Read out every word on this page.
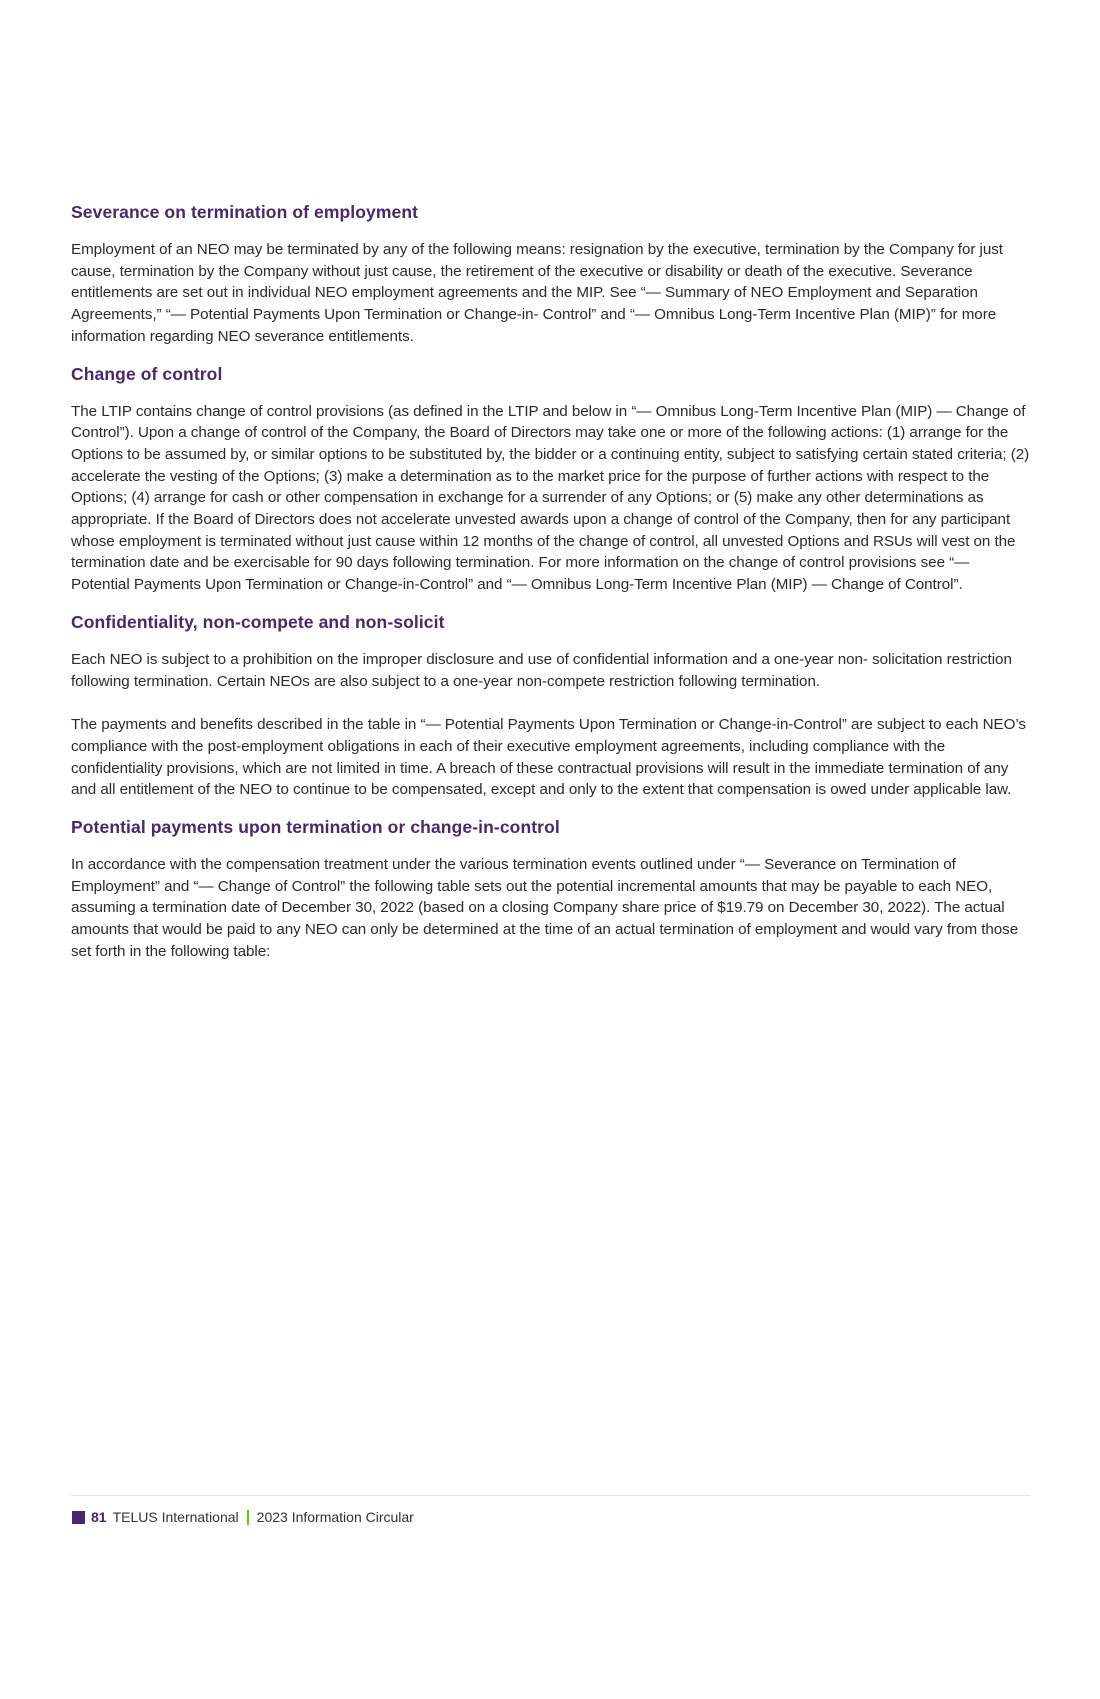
Severance on termination of employment

Employment of an NEO may be terminated by any of the following means: resignation by the executive, termination by the Company for just cause, termination by the Company without just cause, the retirement of the executive or disability or death of the executive. Severance entitlements are set out in individual NEO employment agreements and the MIP. See “— Summary of NEO Employment and Separation Agreements,” “— Potential Payments Upon Termination or Change-in- Control” and “— Omnibus Long-Term Incentive Plan (MIP)” for more information regarding NEO severance entitlements.

Change of control

The LTIP contains change of control provisions (as defined in the LTIP and below in “— Omnibus Long-Term Incentive Plan (MIP) — Change of Control”). Upon a change of control of the Company, the Board of Directors may take one or more of the following actions: (1) arrange for the Options to be assumed by, or similar options to be substituted by, the bidder or a continuing entity, subject to satisfying certain stated criteria; (2) accelerate the vesting of the Options; (3) make a determination as to the market price for the purpose of further actions with respect to the Options; (4) arrange for cash or other compensation in exchange for a surrender of any Options; or (5) make any other determinations as appropriate. If the Board of Directors does not accelerate unvested awards upon a change of control of the Company, then for any participant whose employment is terminated without just cause within 12 months of the change of control, all unvested Options and RSUs will vest on the termination date and be exercisable for 90 days following termination. For more information on the change of control provisions see “— Potential Payments Upon Termination or Change-in-Control” and “— Omnibus Long-Term Incentive Plan (MIP) — Change of Control”.

Confidentiality, non-compete and non-solicit

Each NEO is subject to a prohibition on the improper disclosure and use of confidential information and a one-year non- solicitation restriction following termination. Certain NEOs are also subject to a one-year non-compete restriction following termination.

The payments and benefits described in the table in “— Potential Payments Upon Termination or Change-in-Control” are subject to each NEO’s compliance with the post-employment obligations in each of their executive employment agreements, including compliance with the confidentiality provisions, which are not limited in time. A breach of these contractual provisions will result in the immediate termination of any and all entitlement of the NEO to continue to be compensated, except and only to the extent that compensation is owed under applicable law.

Potential payments upon termination or change-in-control

In accordance with the compensation treatment under the various termination events outlined under “— Severance on Termination of Employment” and “— Change of Control” the following table sets out the potential incremental amounts that may be payable to each NEO, assuming a termination date of December 30, 2022 (based on a closing Company share price of $19.79 on December 30, 2022). The actual amounts that would be paid to any NEO can only be determined at the time of an actual termination of employment and would vary from those set forth in the following table:

81 TELUS International 2023 Information Circular
